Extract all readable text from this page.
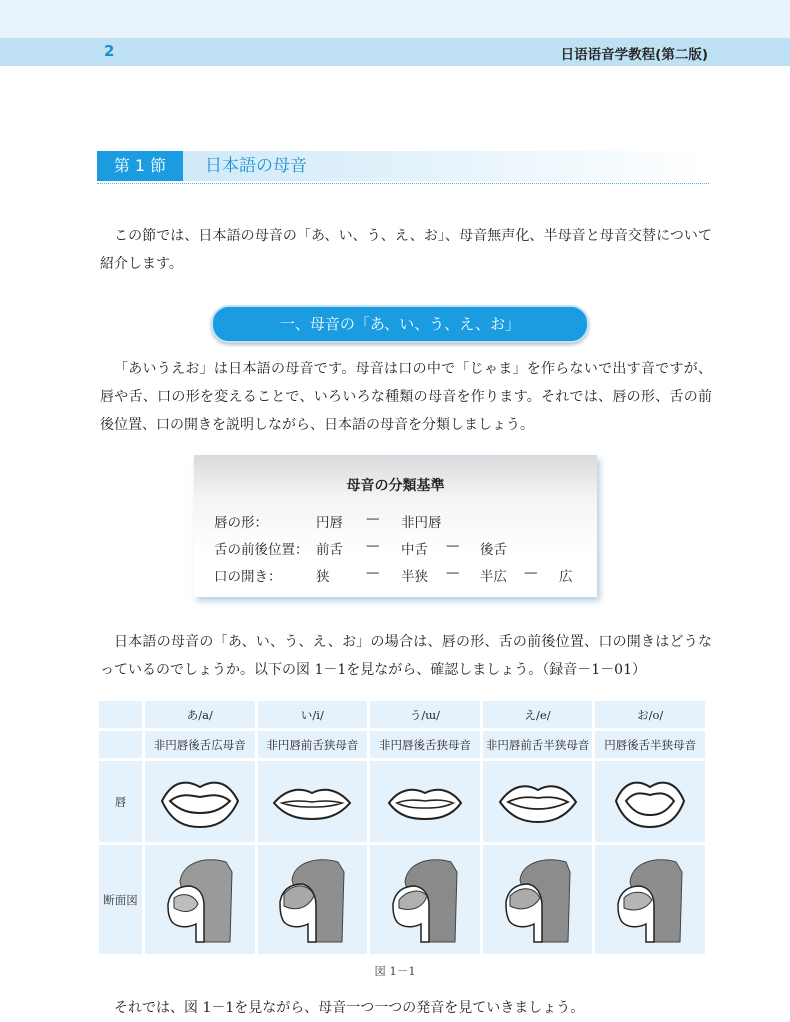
2	日语语音学教程(第二版)
第 1 節	日本語の母音

この節では、日本語の母音の「あ、い、う、え、お」、母音無声化、半母音と母音交替について紹介します。

一、母音の「あ、い、う、え、お」

「あいうえお」は日本語の母音です。母音は口の中で「じゃま」を作らないで出す音ですが、唇や舌、口の形を変えることで、いろいろな種類の母音を作ります。それでは、唇の形、舌の前後位置、口の開きを説明しながら、日本語の母音を分類しましょう。

母音の分類基準
唇の形：	円唇 — 非円唇
舌の前後位置： 前舌 — 中舌 — 後舌
口の開き：	狭	— 半狭 — 半広 — 広

日本語の母音の「あ、い、う、え、お」の場合は、唇の形、舌の前後位置、口の開きはどうなっているのでしょうか。以下の図 1－1を見ながら、確認しましょう。（録音－1－01）

	あ/a/	い/i/	う/ɯ/	え/e/	お/o/
	非円唇後舌広母音	非円唇前舌狭母音	非円唇後舌狭母音	非円唇前舌半狭母音	円唇後舌半狭母音
唇	

断面図	

図 1－1

それでは、図 1－1を見ながら、母音一つ一つの発音を見ていきましょう。
